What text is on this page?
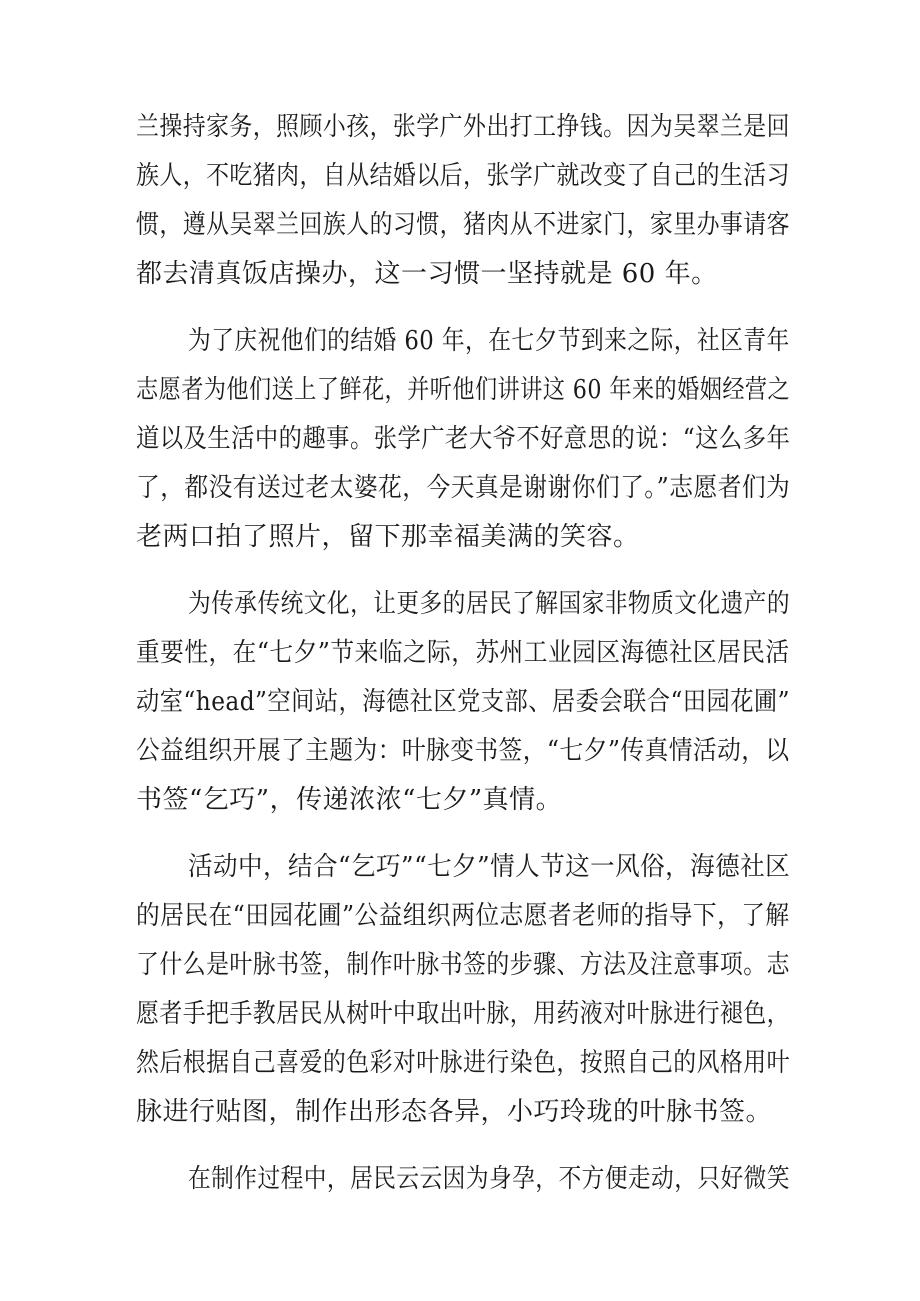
兰操持家务，照顾小孩，张学广外出打工挣钱。因为吴翠兰是回
族人，不吃猪肉，自从结婚以后，张学广就改变了自己的生活习
惯，遵从吴翠兰回族人的习惯，猪肉从不进家门，家里办事请客
都去清真饭店操办，这一习惯一坚持就是 60 年。
为了庆祝他们的结婚 60 年，在七夕节到来之际，社区青年
志愿者为他们送上了鲜花，并听他们讲讲这 60 年来的婚姻经营之
道以及生活中的趣事。张学广老大爷不好意思的说：“这么多年
了，都没有送过老太婆花，今天真是谢谢你们了。”志愿者们为
老两口拍了照片，留下那幸福美满的笑容。
为传承传统文化，让更多的居民了解国家非物质文化遗产的
重要性，在“七夕”节来临之际，苏州工业园区海德社区居民活
动室“head”空间站，海德社区党支部、居委会联合“田园花圃”
公益组织开展了主题为：叶脉变书签，“七夕”传真情活动，以
书签“乞巧”，传递浓浓“七夕”真情。
活动中，结合“乞巧”“七夕”情人节这一风俗，海德社区
的居民在“田园花圃”公益组织两位志愿者老师的指导下，了解
了什么是叶脉书签，制作叶脉书签的步骤、方法及注意事项。志
愿者手把手教居民从树叶中取出叶脉，用药液对叶脉进行褪色，
然后根据自己喜爱的色彩对叶脉进行染色，按照自己的风格用叶
脉进行贴图，制作出形态各异，小巧玲珑的叶脉书签。
在制作过程中，居民云云因为身孕，不方便走动，只好微笑
